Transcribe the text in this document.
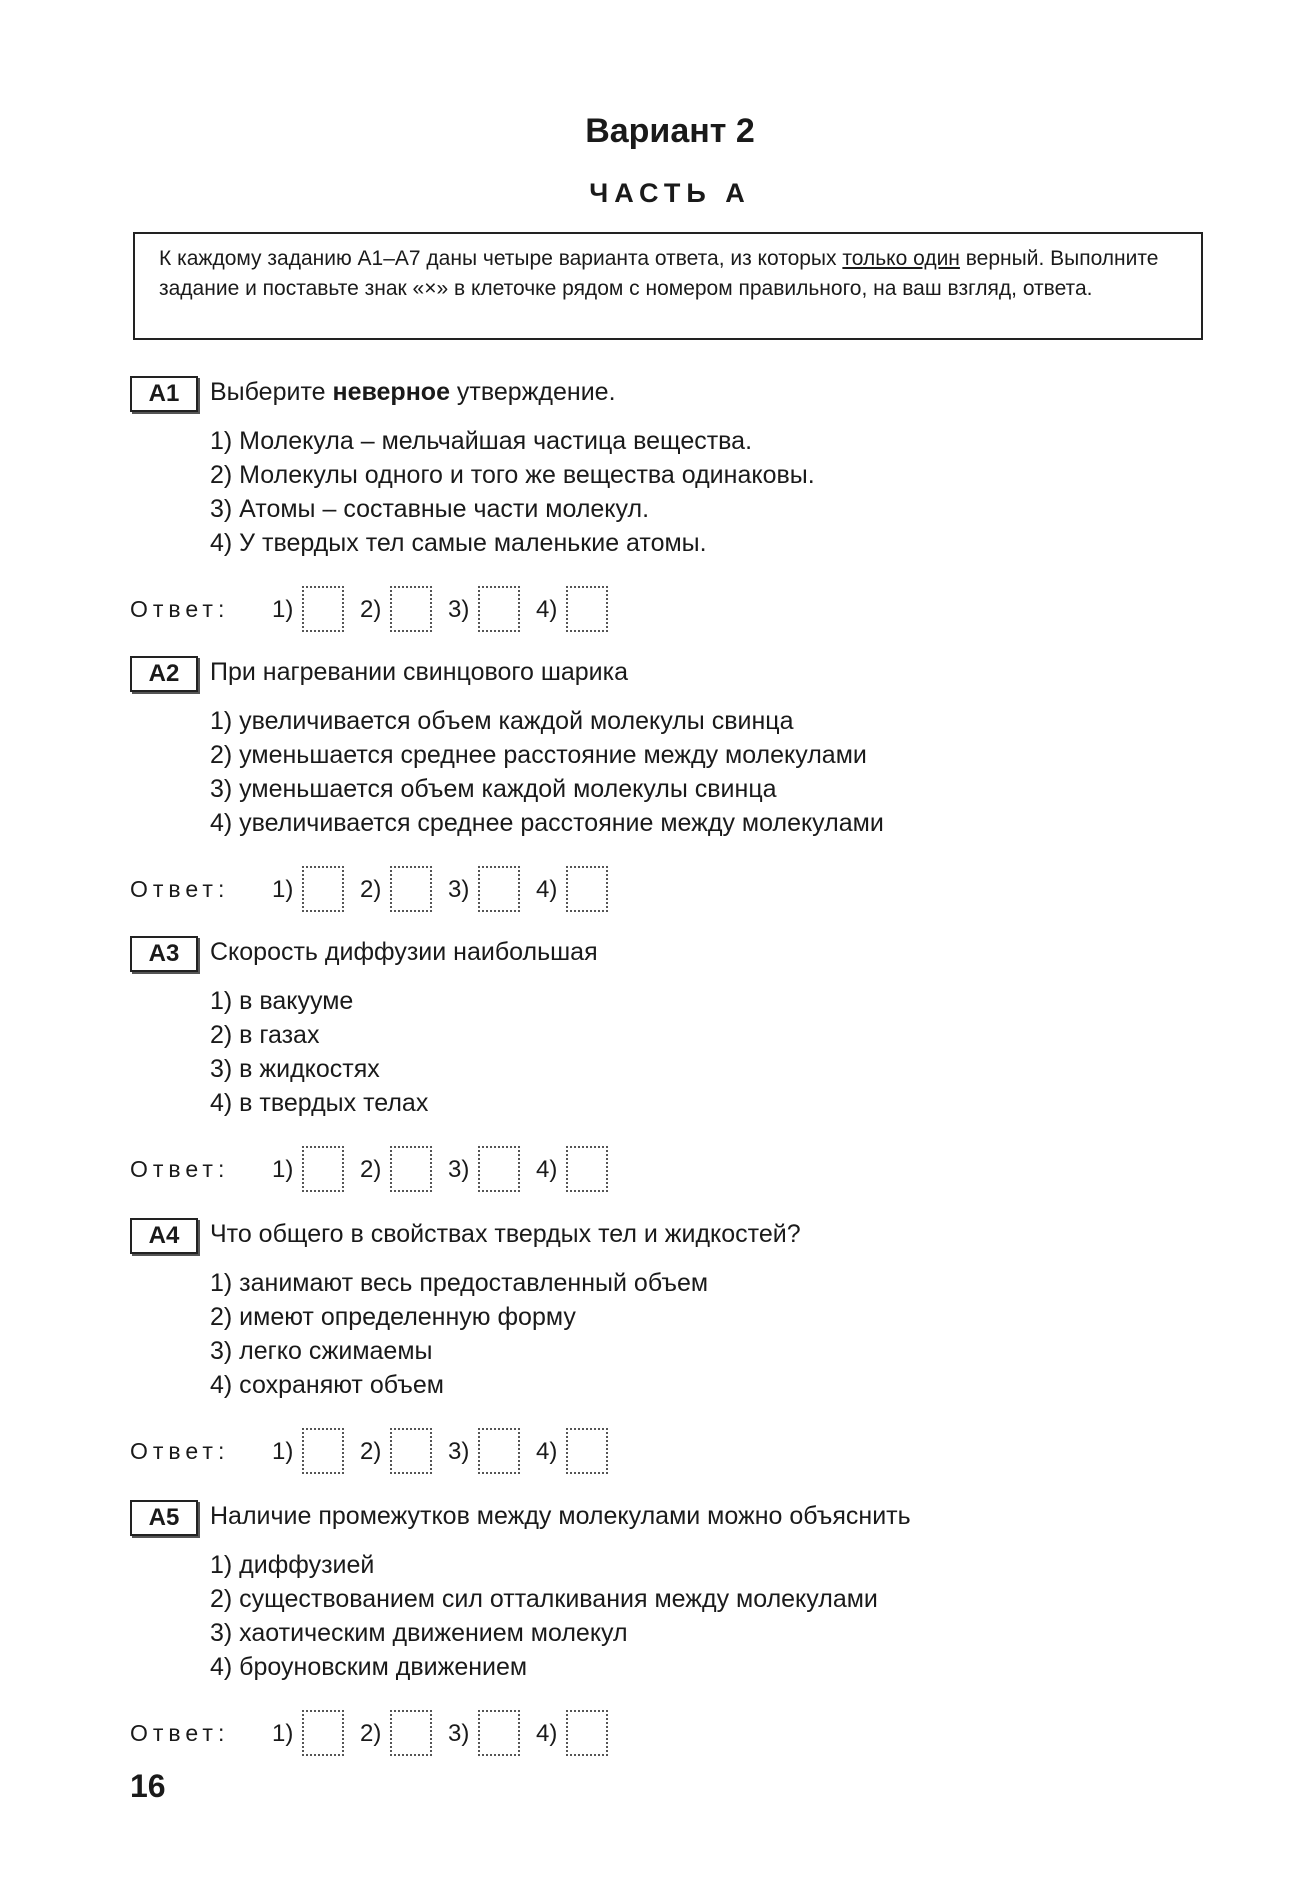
Вариант 2
ЧАСТЬ А
К каждому заданию А1–А7 даны четыре варианта ответа, из которых только один верный. Выполните задание и поставьте знак «×» в клеточке рядом с номером правильного, на ваш взгляд, ответа.
А1	Выберите неверное утверждение.
1) Молекула – мельчайшая частица вещества.
2) Молекулы одного и того же вещества одинаковы.
3) Атомы – составные части молекул.
4) У твердых тел самые маленькие атомы.
Ответ: 1)	2)	3)	4)
А2	При нагревании свинцового шарика
1) увеличивается объем каждой молекулы свинца
2) уменьшается среднее расстояние между молекулами
3) уменьшается объем каждой молекулы свинца
4) увеличивается среднее расстояние между молекулами
Ответ: 1)	2)	3)	4)
А3	Скорость диффузии наибольшая
1) в вакууме
2) в газах
3) в жидкостях
4) в твердых телах
Ответ: 1)	2)	3)	4)
А4	Что общего в свойствах твердых тел и жидкостей?
1) занимают весь предоставленный объем
2) имеют определенную форму
3) легко сжимаемы
4) сохраняют объем
Ответ: 1)	2)	3)	4)
А5	Наличие промежутков между молекулами можно объяснить
1) диффузией
2) существованием сил отталкивания между молекулами
3) хаотическим движением молекул
4) броуновским движением
Ответ: 1)	2)	3)	4)
16
